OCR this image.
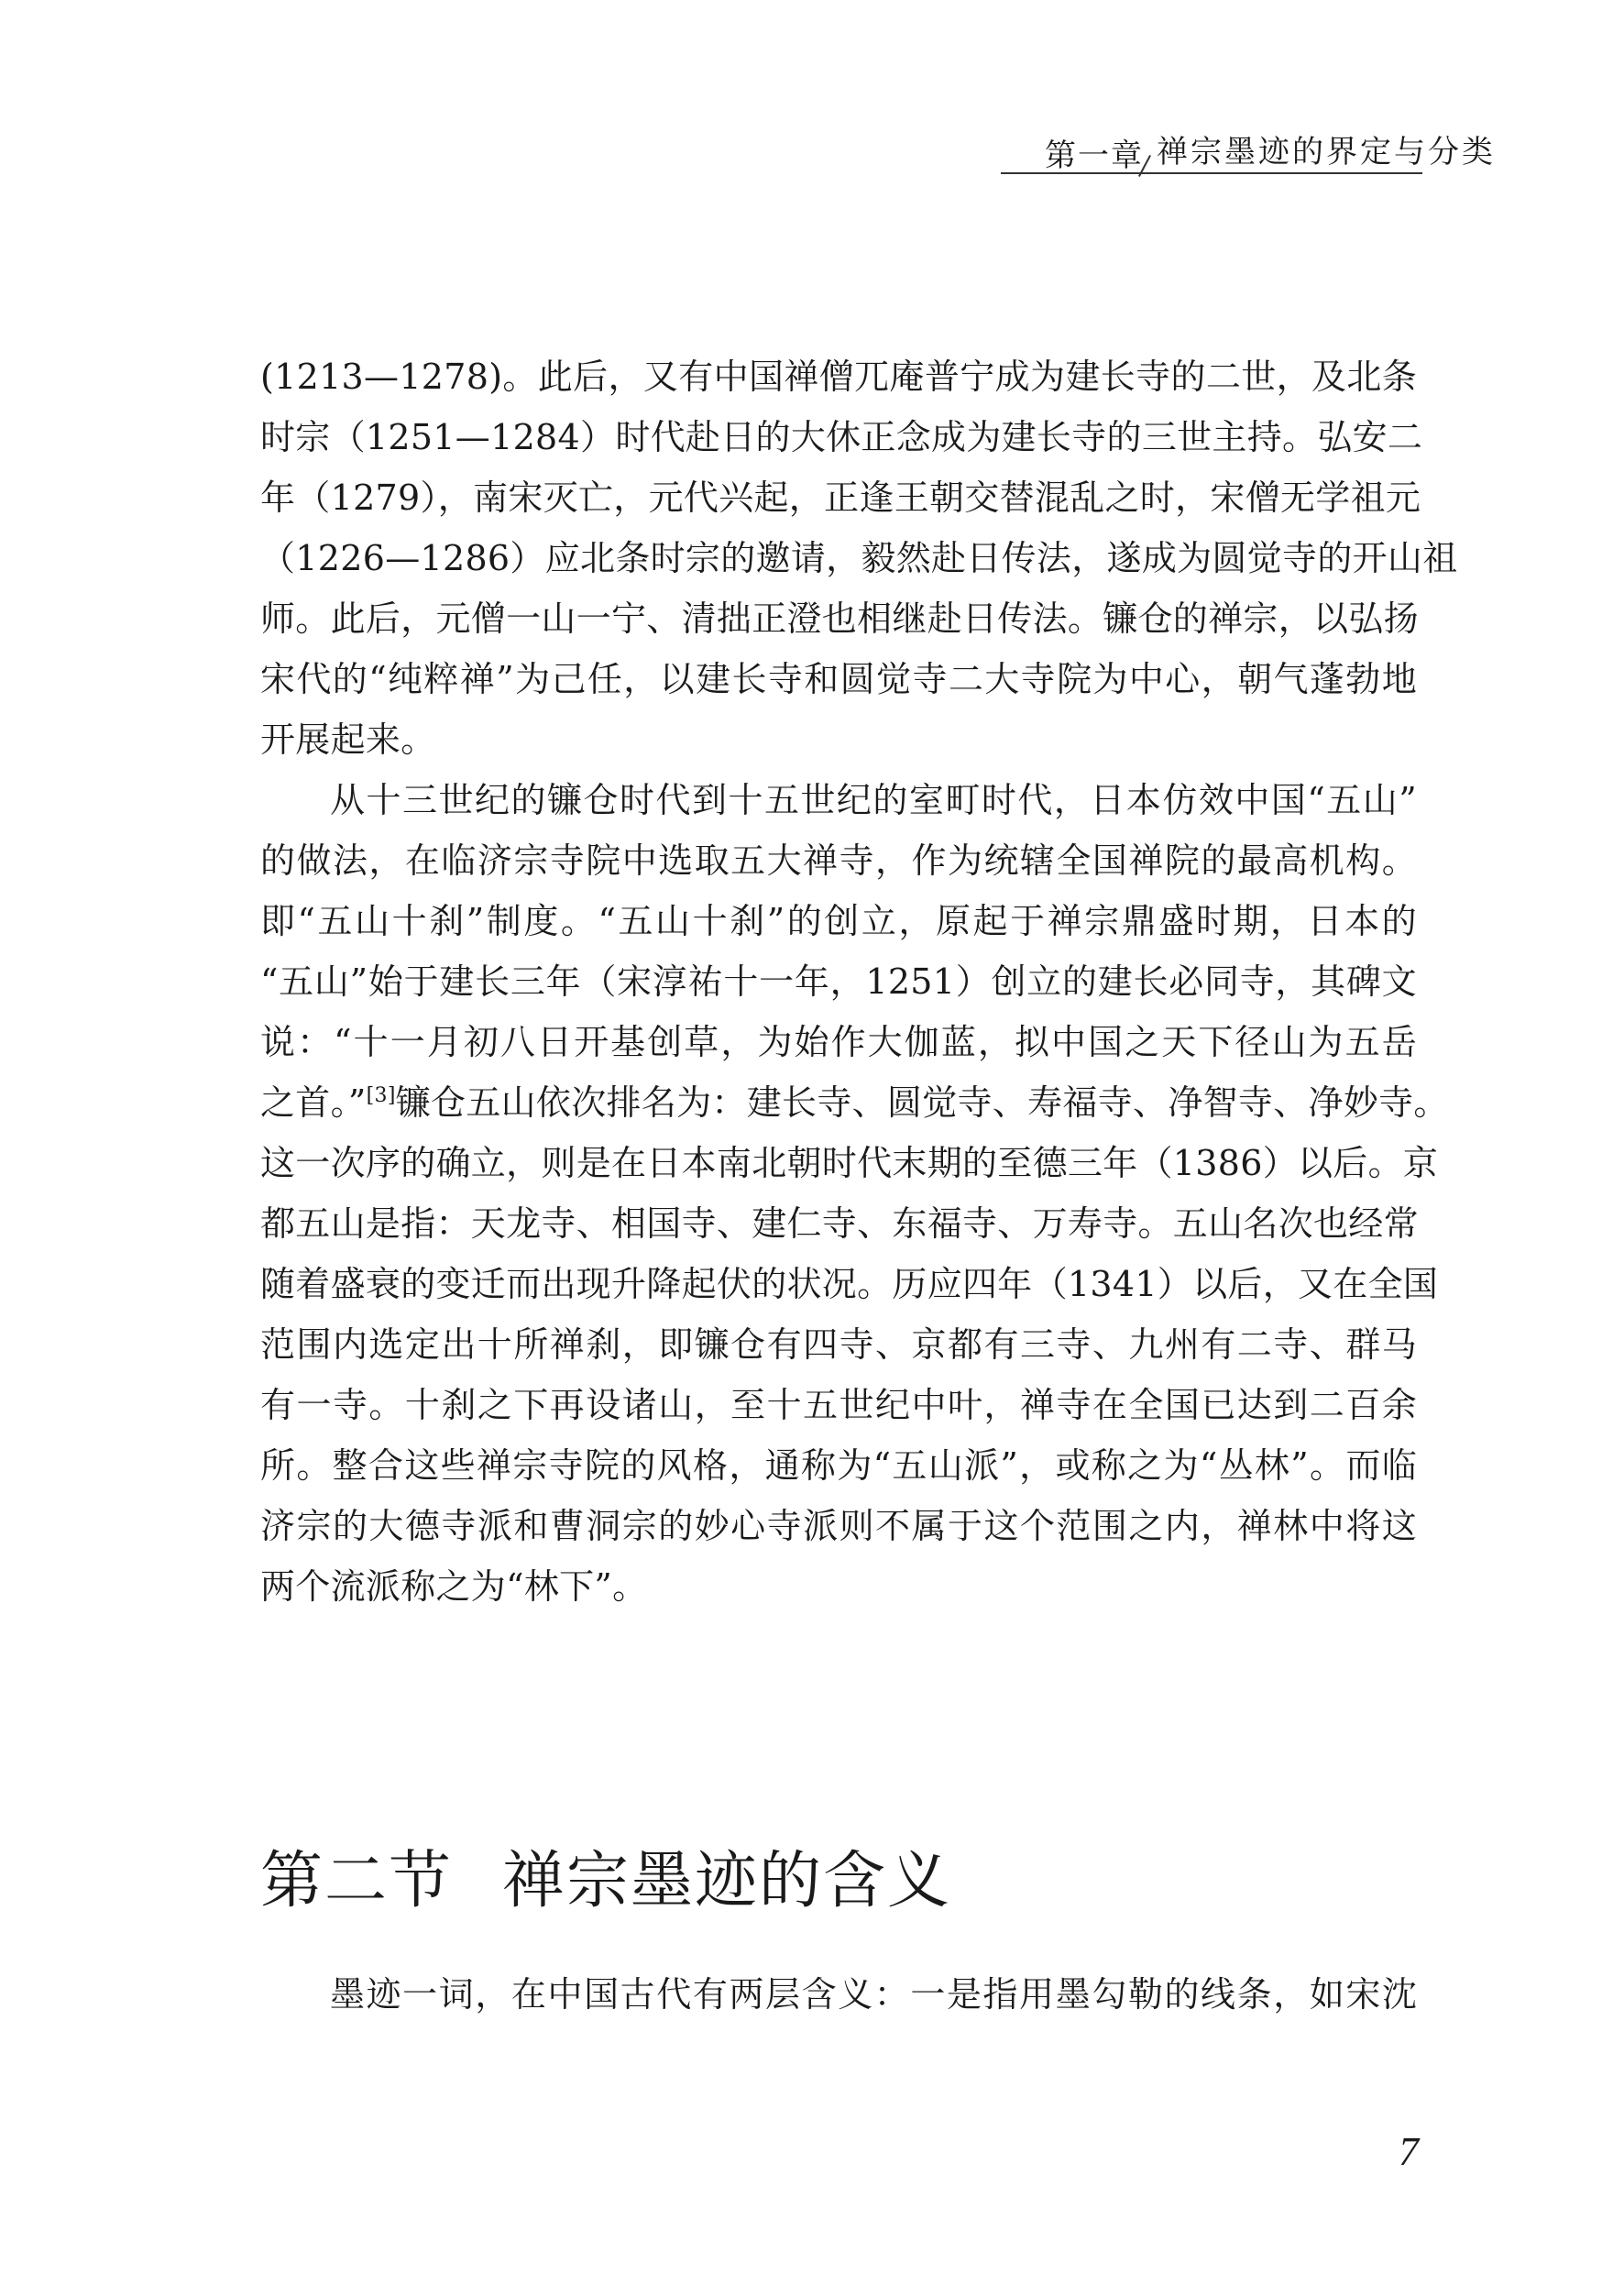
第一章 禅宗墨迹的界定与分类
(1213—1278)。此后，又有中国禅僧兀庵普宁成为建长寺的二世，及北条
时宗（1251—1284）时代赴日的大休正念成为建长寺的三世主持。弘安二
年（1279），南宋灭亡，元代兴起，正逢王朝交替混乱之时，宋僧无学祖元
（1226—1286）应北条时宗的邀请，毅然赴日传法，遂成为圆觉寺的开山祖
师。此后，元僧一山一宁、清拙正澄也相继赴日传法。镰仓的禅宗，以弘扬
宋代的“纯粹禅”为己任，以建长寺和圆觉寺二大寺院为中心，朝气蓬勃地
开展起来。
从十三世纪的镰仓时代到十五世纪的室町时代，日本仿效中国“五山”
的做法，在临济宗寺院中选取五大禅寺，作为统辖全国禅院的最高机构。
即“五山十刹”制度。“五山十刹”的创立，原起于禅宗鼎盛时期，日本的
“五山”始于建长三年（宋淳祐十一年，1251）创立的建长必同寺，其碑文
说：“十一月初八日开基创草，为始作大伽蓝，拟中国之天下径山为五岳
之首。”[3]镰仓五山依次排名为：建长寺、圆觉寺、寿福寺、净智寺、净妙寺。
这一次序的确立，则是在日本南北朝时代末期的至德三年（1386）以后。京
都五山是指：天龙寺、相国寺、建仁寺、东福寺、万寿寺。五山名次也经常
随着盛衰的变迁而出现升降起伏的状况。历应四年（1341）以后，又在全国
范围内选定出十所禅刹，即镰仓有四寺、京都有三寺、九州有二寺、群马
有一寺。十刹之下再设诸山，至十五世纪中叶，禅寺在全国已达到二百余
所。整合这些禅宗寺院的风格，通称为“五山派”，或称之为“丛林”。而临
济宗的大德寺派和曹洞宗的妙心寺派则不属于这个范围之内，禅林中将这
两个流派称之为“林下”。
第二节 禅宗墨迹的含义
墨迹一词，在中国古代有两层含义：一是指用墨勾勒的线条，如宋沈
7
